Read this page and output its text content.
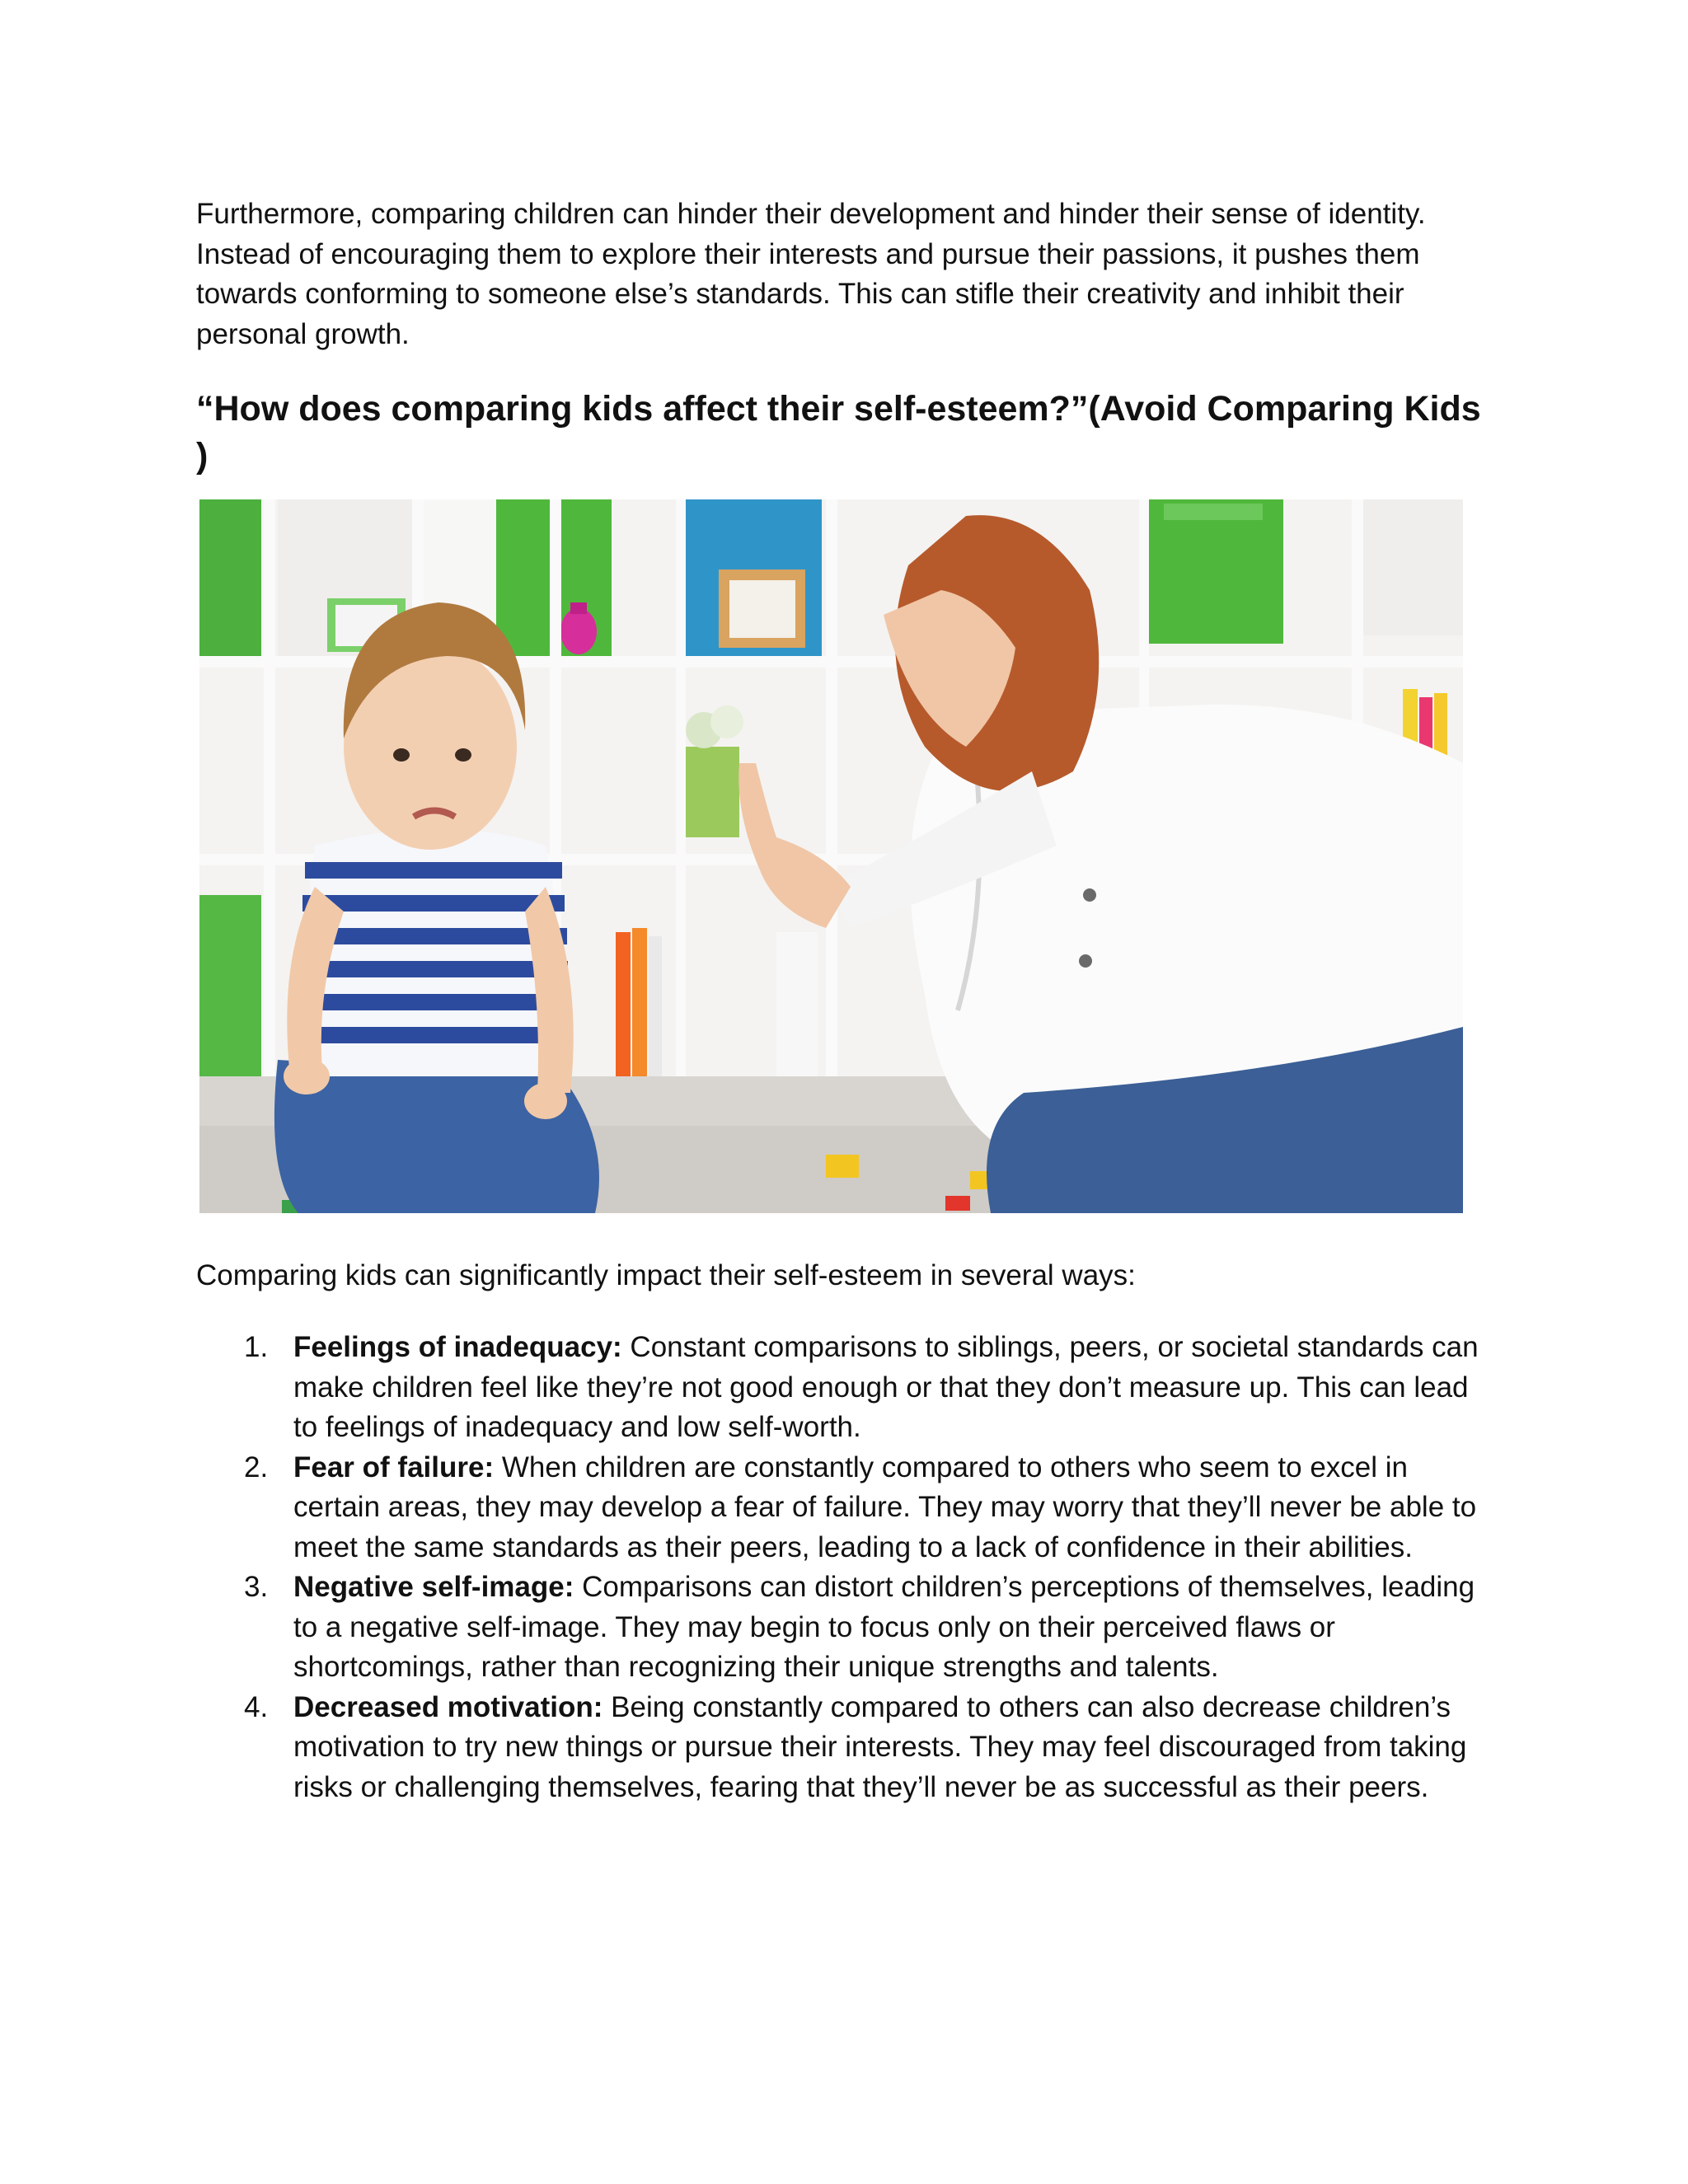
Furthermore, comparing children can hinder their development and hinder their sense of identity. Instead of encouraging them to explore their interests and pursue their passions, it pushes them towards conforming to someone else’s standards. This can stifle their creativity and inhibit their personal growth.

“How does comparing kids affect their self-esteem?”(Avoid Comparing Kids )

Comparing kids can significantly impact their self-esteem in several ways:

1. Feelings of inadequacy: Constant comparisons to siblings, peers, or societal standards can make children feel like they’re not good enough or that they don’t measure up. This can lead to feelings of inadequacy and low self-worth.
2. Fear of failure: When children are constantly compared to others who seem to excel in certain areas, they may develop a fear of failure. They may worry that they’ll never be able to meet the same standards as their peers, leading to a lack of confidence in their abilities.
3. Negative self-image: Comparisons can distort children’s perceptions of themselves, leading to a negative self-image. They may begin to focus only on their perceived flaws or shortcomings, rather than recognizing their unique strengths and talents.
4. Decreased motivation: Being constantly compared to others can also decrease children’s motivation to try new things or pursue their interests. They may feel discouraged from taking risks or challenging themselves, fearing that they’ll never be as successful as their peers.
